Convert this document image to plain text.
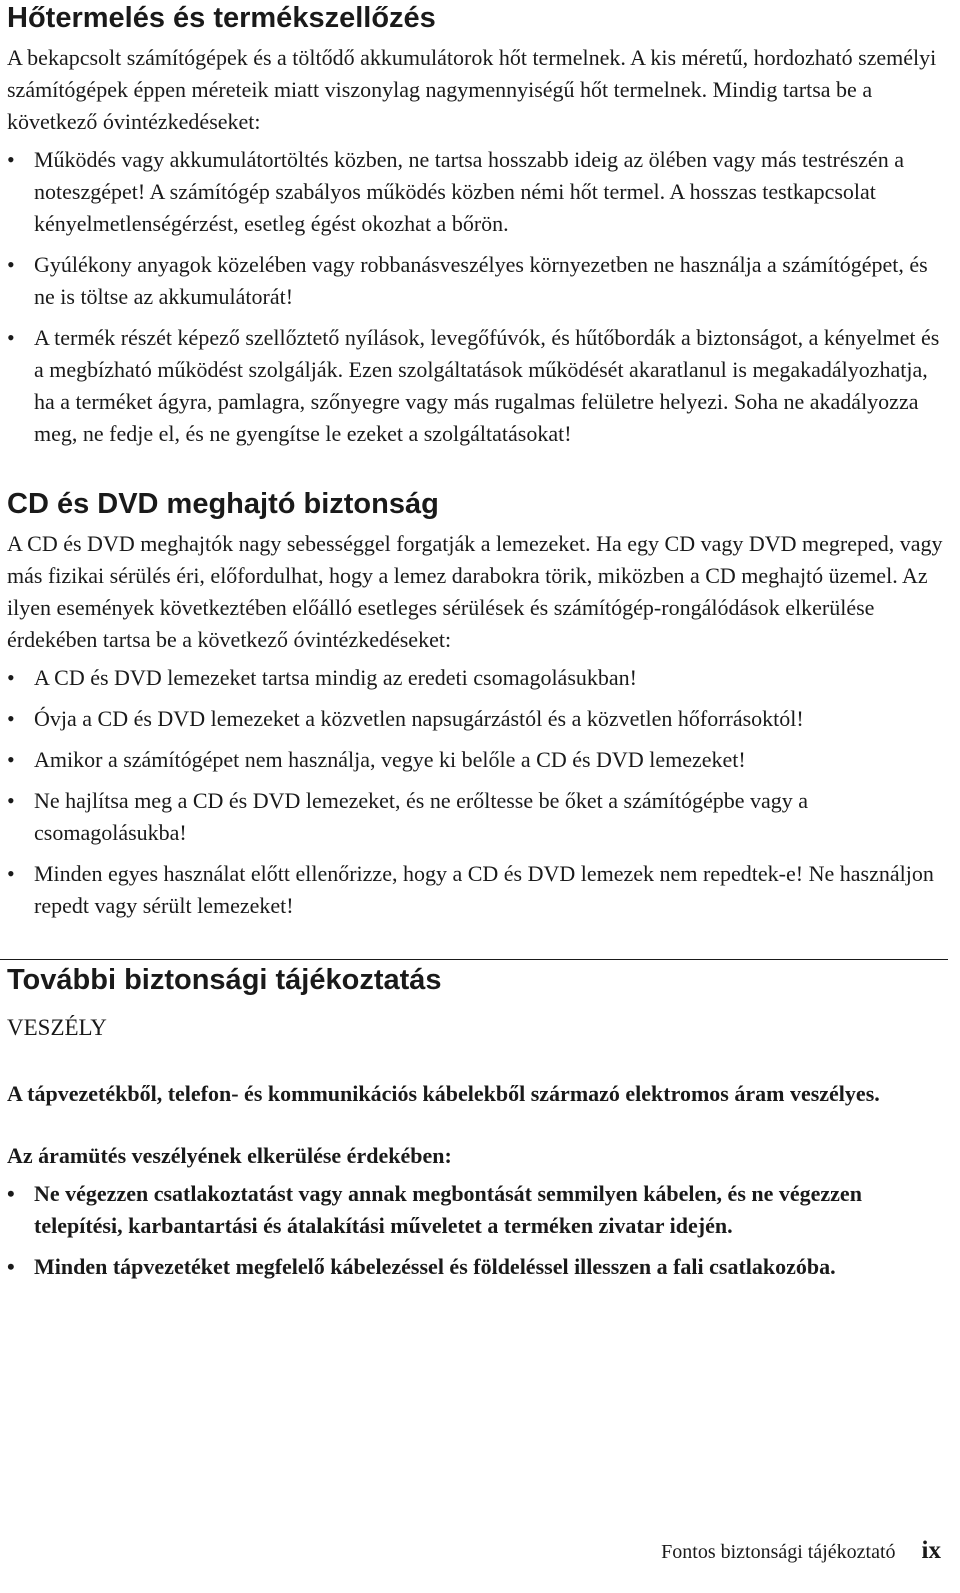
Hőtermelés és termékszellőzés

A bekapcsolt számítógépek és a töltődő akkumulátorok hőt termelnek. A kis méretű, hordozható személyi számítógépek éppen méreteik miatt viszonylag nagymennyiségű hőt termelnek. Mindig tartsa be a következő óvintézkedéseket:

• Működés vagy akkumulátortöltés közben, ne tartsa hosszabb ideig az ölében vagy más testrészén a noteszgépet! A számítógép szabályos működés közben némi hőt termel. A hosszas testkapcsolat kényelmetlenségérzést, esetleg égést okozhat a bőrön.
• Gyúlékony anyagok közelében vagy robbanásveszélyes környezetben ne használja a számítógépet, és ne is töltse az akkumulátorát!
• A termék részét képező szellőztető nyílások, levegőfúvók, és hűtőbordák a biztonságot, a kényelmet és a megbízható működést szolgálják. Ezen szolgáltatások működését akaratlanul is megakadályozhatja, ha a terméket ágyra, pamlagra, szőnyegre vagy más rugalmas felületre helyezi. Soha ne akadályozza meg, ne fedje el, és ne gyengítse le ezeket a szolgáltatásokat!
CD és DVD meghajtó biztonság

A CD és DVD meghajtók nagy sebességgel forgatják a lemezeket. Ha egy CD vagy DVD megreped, vagy más fizikai sérülés éri, előfordulhat, hogy a lemez darabokra törik, miközben a CD meghajtó üzemel. Az ilyen események következtében előálló esetleges sérülések és számítógép-rongálódások elkerülése érdekében tartsa be a következő óvintézkedéseket:

• A CD és DVD lemezeket tartsa mindig az eredeti csomagolásukban!
• Óvja a CD és DVD lemezeket a közvetlen napsugárzástól és a közvetlen hőforrásoktól!
• Amikor a számítógépet nem használja, vegye ki belőle a CD és DVD lemezeket!
• Ne hajlítsa meg a CD és DVD lemezeket, és ne erőltesse be őket a számítógépbe vagy a csomagolásukba!
• Minden egyes használat előtt ellenőrizze, hogy a CD és DVD lemezek nem repedtek-e! Ne használjon repedt vagy sérült lemezeket!
További biztonsági tájékoztatás

VESZÉLY

A tápvezetékből, telefon- és kommunikációs kábelekből származó elektromos áram veszélyes.

Az áramütés veszélyének elkerülése érdekében:

• Ne végezzen csatlakoztatást vagy annak megbontását semmilyen kábelen, és ne végezzen telepítési, karbantartási és átalakítási műveletet a terméken zivatar idején.
• Minden tápvezetéket megfelelő kábelezéssel és földeléssel illesszen a fali csatlakozóba.
Fontos biztonsági tájékoztató ix
